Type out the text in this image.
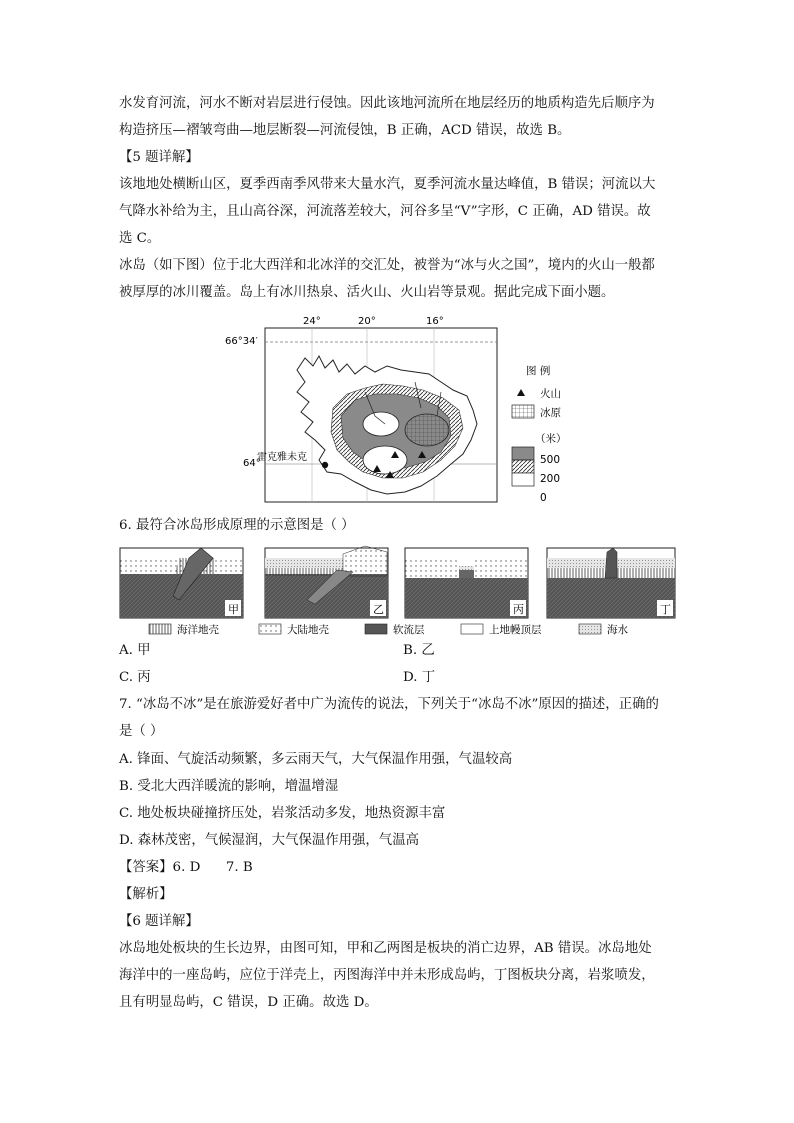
水发育河流，河水不断对岩层进行侵蚀。因此该地河流所在地层经历的地质构造先后顺序为
构造挤压—褶皱弯曲—地层断裂—河流侵蚀，B 正确，ACD 错误，故选 B。
【5 题详解】
该地地处横断山区，夏季西南季风带来大量水汽，夏季河流水量达峰值，B 错误；河流以大
气降水补给为主，且山高谷深，河流落差较大，河谷多呈“V”字形，C 正确，AD 错误。故
选 C。
冰岛（如下图）位于北大西洋和北冰洋的交汇处，被誉为“冰与火之国”，境内的火山一般都
被厚厚的冰川覆盖。岛上有冰川热泉、活火山、火山岩等景观。据此完成下面小题。
24°	20°	16°
66°34′
64°
雷克雅未克
图 例
火山
冰原
（米）
500
200
0
6. 最符合冰岛形成原理的示意图是（ ）
甲	乙	丙	丁
海洋地壳	大陆地壳	软流层	上地幔顶层	海水
A. 甲	B. 乙
C. 丙	D. 丁
7. “冰岛不冰”是在旅游爱好者中广为流传的说法，下列关于“冰岛不冰”原因的描述，正确的
是（ ）
A. 锋面、气旋活动频繁，多云雨天气，大气保温作用强，气温较高
B. 受北大西洋暖流的影响，增温增湿
C. 地处板块碰撞挤压处，岩浆活动多发，地热资源丰富
D. 森林茂密，气候湿润，大气保温作用强，气温高
【答案】6. D      7. B
【解析】
【6 题详解】
冰岛地处板块的生长边界，由图可知，甲和乙两图是板块的消亡边界，AB 错误。冰岛地处
海洋中的一座岛屿，应位于洋壳上，丙图海洋中并未形成岛屿，丁图板块分离，岩浆喷发，
且有明显岛屿，C 错误，D 正确。故选 D。
